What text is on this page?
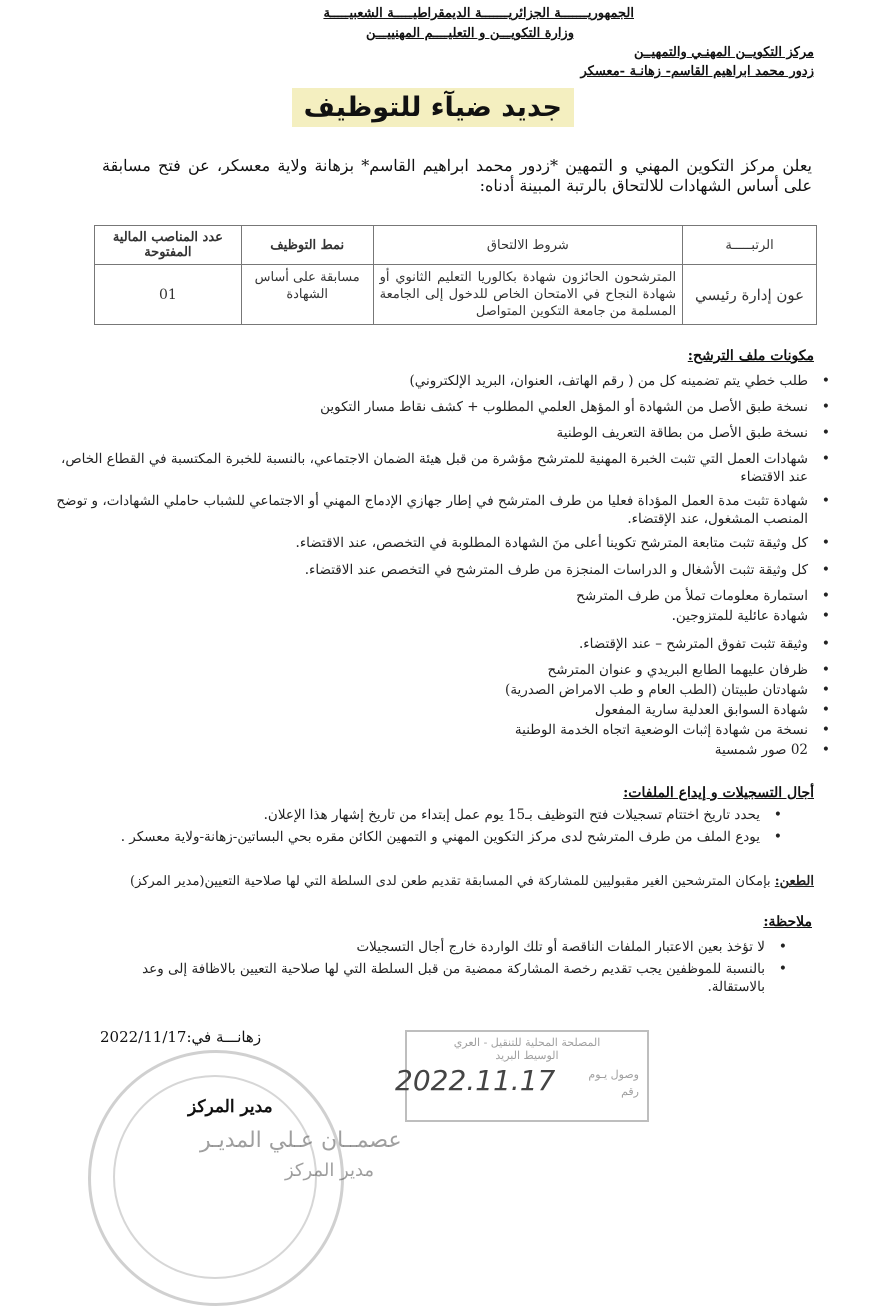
الجمهوريـــــــة الجزائريـــــــة الديمقراطيـــــة الشعبيـــــة
وزارة التكويـــن و التعليــــم المهنييـــن
مركز التكويــن المهنـي والتمهيــن
زدور محمد ابراهيم القاسم- زهانـة -معسكر
جديد ضيآء للتوظيف
يعلن مركز التكوين المهني و التمهين *زدور محمد ابراهيم القاسم* بزهانة ولاية معسكر، عن فتح مسابقة على أساس الشهادات للالتحاق بالرتبة المبينة أدناه:
الرتبـــــة	شروط الالتحاق	نمط التوظيف	عدد المناصب المالية المفتوحة
عون إدارة رئيسي	المترشحون الحائزون شهادة بكالوريا التعليم الثانوي أو شهادة النجاح في الامتحان الخاص للدخول إلى الجامعة المسلمة من جامعة التكوين المتواصل	مسابقة على أساس الشهادة	01
مكونات ملف الترشح:
• طلب خطي يتم تضمينه كل من ( رقم الهاتف، العنوان، البريد الإلكتروني)
• نسخة طبق الأصل من الشهادة أو المؤهل العلمي المطلوب + كشف نقاط مسار التكوين
• نسخة طبق الأصل من بطاقة التعريف الوطنية
• شهادات العمل التي تثبت الخبرة المهنية للمترشح مؤشرة من قبل هيئة الضمان الاجتماعي، بالنسبة للخبرة المكتسبة في القطاع الخاص، عند الاقتضاء
• شهادة تثبت مدة العمل المؤداة فعليا من طرف المترشح في إطار جهازي الإدماج المهني أو الاجتماعي للشباب حاملي الشهادات، و توضح المنصب المشغول، عند الإقتضاء.
• كل وثيقة تثبت متابعة المترشح تكوينا أعلى منَ الشهادة المطلوبة في التخصص، عند الاقتضاء.
• كل وثيقة تثبت الأشغال و الدراسات المنجزة من طرف المترشح في التخصص عند الاقتضاء.
• استمارة معلومات تملأ من طرف المترشح
• شهادة عائلية للمتزوجين.
• وثيقة تثبت تفوق المترشح – عند الإقتضاء.
• ظرفان عليهما الطابع البريدي و عنوان المترشح
• شهادتان طبيتان (الطب العام و طب الامراض الصدرية)
• شهادة السوابق العدلية سارية المفعول
• نسخة من شهادة إثبات الوضعية اتجاه الخدمة الوطنية
• 02 صور شمسية
أجال التسجيلات و إيداع الملفات:
• يحدد تاريخ اختتام تسجيلات فتح التوظيف بـ15 يوم عمل إبتداء من تاريخ إشهار هذا الإعلان.
• يودع الملف من طرف المترشح لدى مركز التكوين المهني و التمهين الكائن مقره بحي البساتين-زهانة-ولاية معسكر .
الطعن: بإمكان المترشحين الغير مقبوليين للمشاركة في المسابقة تقديم طعن لدى السلطة التي لها صلاحية التعيين(مدير المركز)
ملاحظة:
• لا تؤخذ بعين الاعتبار الملفات الناقصة أو تلك الواردة خارج أجال التسجيلات
• بالنسبة للموظفين يجب تقديم رخصة المشاركة ممضية من قبل السلطة التي لها صلاحية التعيين بالاظافة إلى وعد بالاستقالة.
زهانـــة في:2022/11/17	المصلحة المحلية للتنقيل - العري
الوسيط البريد
وصول يـوم
رقم
2022.11.17
مدير المركز
عصمــان عـلي المديـر
مدير المركز
